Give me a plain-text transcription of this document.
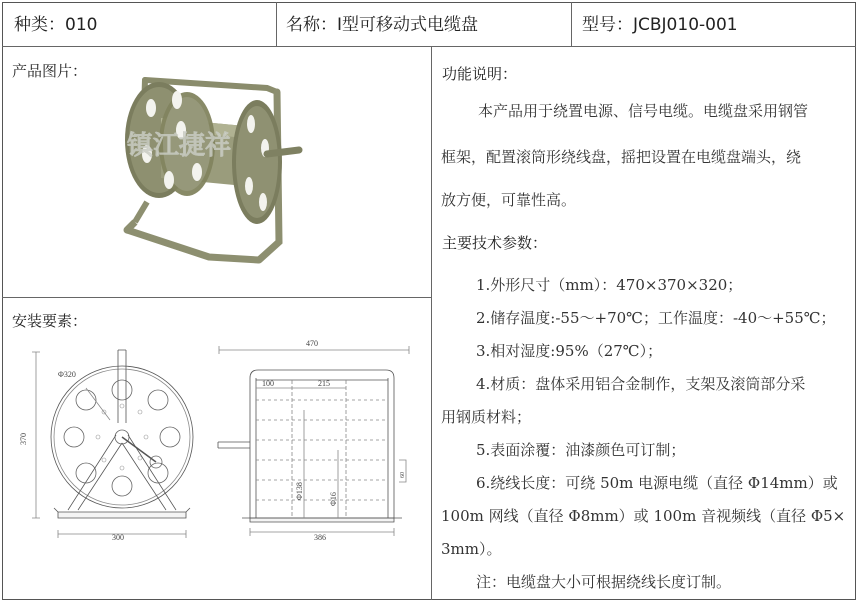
种类：010	名称：Ⅰ型可移动式电缆盘	型号：JCBJ010-001
产品图片：
镇江捷祥
安装要素：
Φ320
370
300
470
100	215
Φ138	Φ16
386
60
功能说明：
本产品用于绕置电源、信号电缆。电缆盘采用钢管
框架，配置滚筒形绕线盘，摇把设置在电缆盘端头，绕
放方便，可靠性高。
主要技术参数：
1.外形尺寸（mm）：470×370×320；
2.储存温度:-55～+70℃；工作温度：-40～+55℃；
3.相对湿度:95%（27℃）；
4.材质：盘体采用铝合金制作，支架及滚筒部分采
用钢质材料；
5.表面涂覆：油漆颜色可订制；
6.绕线长度：可绕 50m 电源电缆（直径 Φ14mm）或
100m 网线（直径 Φ8mm）或 100m 音视频线（直径 Φ5×
3mm）。
注：电缆盘大小可根据绕线长度订制。
